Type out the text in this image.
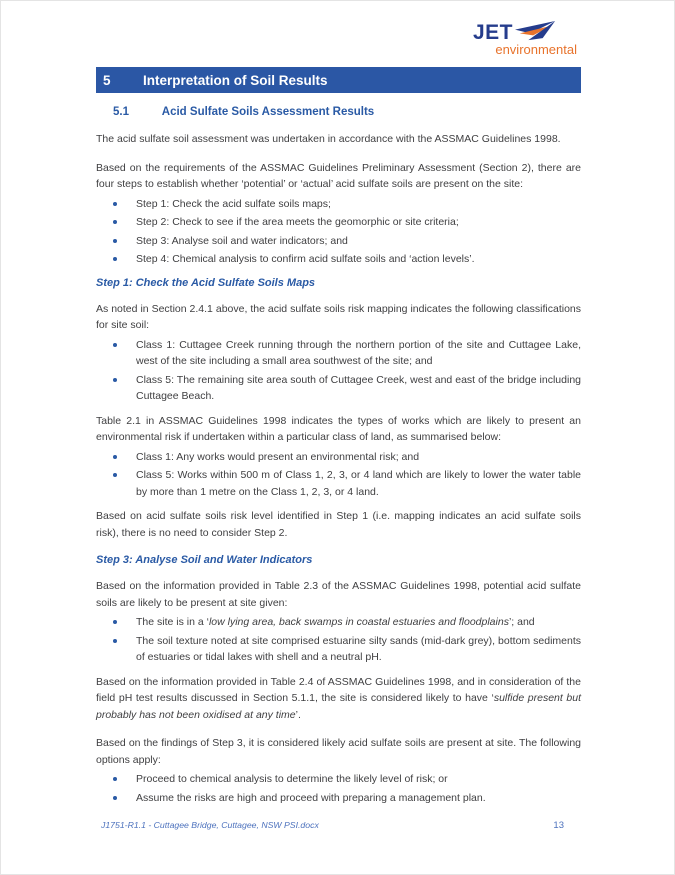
JET
environmental
5	Interpretation of Soil Results
5.1	Acid Sulfate Soils Assessment Results

The acid sulfate soil assessment was undertaken in accordance with the ASSMAC Guidelines 1998.

Based on the requirements of the ASSMAC Guidelines Preliminary Assessment (Section 2), there are four steps to establish whether ‘potential’ or ‘actual’ acid sulfate soils are present on the site:

Step 1: Check the acid sulfate soils maps;
Step 2: Check to see if the area meets the geomorphic or site criteria;
Step 3: Analyse soil and water indicators; and
Step 4: Chemical analysis to confirm acid sulfate soils and ‘action levels’.
Step 1: Check the Acid Sulfate Soils Maps

As noted in Section 2.4.1 above, the acid sulfate soils risk mapping indicates the following classifications for site soil:

Class 1: Cuttagee Creek running through the northern portion of the site and Cuttagee Lake, west of the site including a small area southwest of the site; and
Class 5: The remaining site area south of Cuttagee Creek, west and east of the bridge including Cuttagee Beach.

Table 2.1 in ASSMAC Guidelines 1998 indicates the types of works which are likely to present an environmental risk if undertaken within a particular class of land, as summarised below:

Class 1: Any works would present an environmental risk; and
Class 5: Works within 500 m of Class 1, 2, 3, or 4 land which are likely to lower the water table by more than 1 metre on the Class 1, 2, 3, or 4 land.

Based on acid sulfate soils risk level identified in Step 1 (i.e. mapping indicates an acid sulfate soils risk), there is no need to consider Step 2.

Step 3: Analyse Soil and Water Indicators

Based on the information provided in Table 2.3 of the ASSMAC Guidelines 1998, potential acid sulfate soils are likely to be present at site given:

The site is in a ‘low lying area, back swamps in coastal estuaries and floodplains’; and
The soil texture noted at site comprised estuarine silty sands (mid-dark grey), bottom sediments of estuaries or tidal lakes with shell and a neutral pH.

Based on the information provided in Table 2.4 of ASSMAC Guidelines 1998, and in consideration of the field pH test results discussed in Section 5.1.1, the site is considered likely to have ‘sulfide present but probably has not been oxidised at any time’.

Based on the findings of Step 3, it is considered likely acid sulfate soils are present at site. The following options apply:

Proceed to chemical analysis to determine the likely level of risk; or
Assume the risks are high and proceed with preparing a management plan.
J1751-R1.1 - Cuttagee Bridge, Cuttagee, NSW PSI.docx	13
